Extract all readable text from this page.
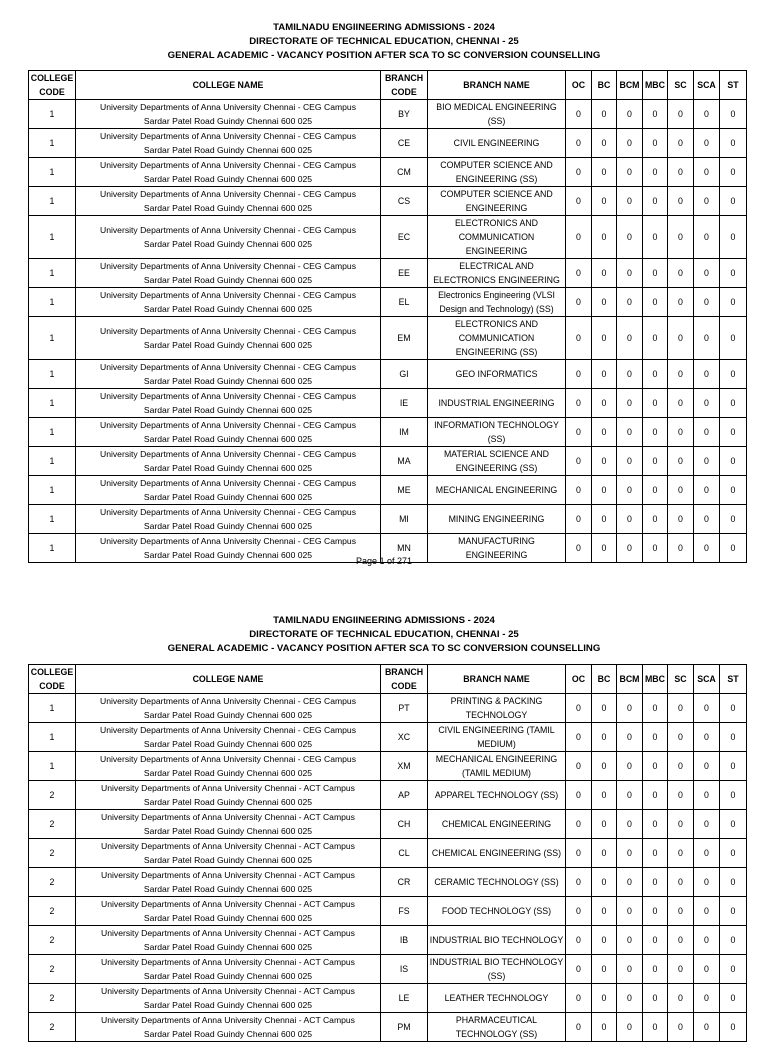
TAMILNADU ENGIINEERING ADMISSIONS - 2024
DIRECTORATE OF TECHNICAL EDUCATION, CHENNAI - 25
GENERAL ACADEMIC - VACANCY POSITION AFTER SCA TO SC CONVERSION COUNSELLING
COLLEGE CODE	COLLEGE NAME	BRANCH CODE	BRANCH NAME	OC	BC	BCM	MBC	SC	SCA	ST
1	University Departments of Anna University Chennai - CEG Campus
Sardar Patel Road Guindy Chennai 600 025	BY	BIO MEDICAL ENGINEERING (SS)	0	0	0	0	0	0	0
1	University Departments of Anna University Chennai - CEG Campus
Sardar Patel Road Guindy Chennai 600 025	CE	CIVIL ENGINEERING	0	0	0	0	0	0	0
1	University Departments of Anna University Chennai - CEG Campus
Sardar Patel Road Guindy Chennai 600 025	CM	COMPUTER SCIENCE AND ENGINEERING (SS)	0	0	0	0	0	0	0
1	University Departments of Anna University Chennai - CEG Campus
Sardar Patel Road Guindy Chennai 600 025	CS	COMPUTER SCIENCE AND ENGINEERING	0	0	0	0	0	0	0
1	University Departments of Anna University Chennai - CEG Campus
Sardar Patel Road Guindy Chennai 600 025	EC	ELECTRONICS AND COMMUNICATION ENGINEERING	0	0	0	0	0	0	0
1	University Departments of Anna University Chennai - CEG Campus
Sardar Patel Road Guindy Chennai 600 025	EE	ELECTRICAL AND ELECTRONICS ENGINEERING	0	0	0	0	0	0	0
1	University Departments of Anna University Chennai - CEG Campus
Sardar Patel Road Guindy Chennai 600 025	EL	Electronics Engineering (VLSI Design and Technology) (SS)	0	0	0	0	0	0	0
1	University Departments of Anna University Chennai - CEG Campus
Sardar Patel Road Guindy Chennai 600 025	EM	ELECTRONICS AND COMMUNICATION ENGINEERING (SS)	0	0	0	0	0	0	0
1	University Departments of Anna University Chennai - CEG Campus
Sardar Patel Road Guindy Chennai 600 025	GI	GEO INFORMATICS	0	0	0	0	0	0	0
1	University Departments of Anna University Chennai - CEG Campus
Sardar Patel Road Guindy Chennai 600 025	IE	INDUSTRIAL ENGINEERING	0	0	0	0	0	0	0
1	University Departments of Anna University Chennai - CEG Campus
Sardar Patel Road Guindy Chennai 600 025	IM	INFORMATION TECHNOLOGY (SS)	0	0	0	0	0	0	0
1	University Departments of Anna University Chennai - CEG Campus
Sardar Patel Road Guindy Chennai 600 025	MA	MATERIAL SCIENCE AND ENGINEERING (SS)	0	0	0	0	0	0	0
1	University Departments of Anna University Chennai - CEG Campus
Sardar Patel Road Guindy Chennai 600 025	ME	MECHANICAL ENGINEERING	0	0	0	0	0	0	0
1	University Departments of Anna University Chennai - CEG Campus
Sardar Patel Road Guindy Chennai 600 025	MI	MINING ENGINEERING	0	0	0	0	0	0	0
1	University Departments of Anna University Chennai - CEG Campus
Sardar Patel Road Guindy Chennai 600 025	MN	MANUFACTURING ENGINEERING	0	0	0	0	0	0	0
Page 1 of 271
TAMILNADU ENGIINEERING ADMISSIONS - 2024
DIRECTORATE OF TECHNICAL EDUCATION, CHENNAI - 25
GENERAL ACADEMIC - VACANCY POSITION AFTER SCA TO SC CONVERSION COUNSELLING
COLLEGE CODE	COLLEGE NAME	BRANCH CODE	BRANCH NAME	OC	BC	BCM	MBC	SC	SCA	ST
1	University Departments of Anna University Chennai - CEG Campus
Sardar Patel Road Guindy Chennai 600 025	PT	PRINTING & PACKING TECHNOLOGY	0	0	0	0	0	0	0
1	University Departments of Anna University Chennai - CEG Campus
Sardar Patel Road Guindy Chennai 600 025	XC	CIVIL ENGINEERING (TAMIL MEDIUM)	0	0	0	0	0	0	0
1	University Departments of Anna University Chennai - CEG Campus
Sardar Patel Road Guindy Chennai 600 025	XM	MECHANICAL ENGINEERING (TAMIL MEDIUM)	0	0	0	0	0	0	0
2	University Departments of Anna University Chennai - ACT Campus
Sardar Patel Road Guindy Chennai 600 025	AP	APPAREL TECHNOLOGY (SS)	0	0	0	0	0	0	0
2	University Departments of Anna University Chennai - ACT Campus
Sardar Patel Road Guindy Chennai 600 025	CH	CHEMICAL ENGINEERING	0	0	0	0	0	0	0
2	University Departments of Anna University Chennai - ACT Campus
Sardar Patel Road Guindy Chennai 600 025	CL	CHEMICAL ENGINEERING (SS)	0	0	0	0	0	0	0
2	University Departments of Anna University Chennai - ACT Campus
Sardar Patel Road Guindy Chennai 600 025	CR	CERAMIC TECHNOLOGY (SS)	0	0	0	0	0	0	0
2	University Departments of Anna University Chennai - ACT Campus
Sardar Patel Road Guindy Chennai 600 025	FS	FOOD TECHNOLOGY (SS)	0	0	0	0	0	0	0
2	University Departments of Anna University Chennai - ACT Campus
Sardar Patel Road Guindy Chennai 600 025	IB	INDUSTRIAL BIO TECHNOLOGY	0	0	0	0	0	0	0
2	University Departments of Anna University Chennai - ACT Campus
Sardar Patel Road Guindy Chennai 600 025	IS	INDUSTRIAL BIO TECHNOLOGY (SS)	0	0	0	0	0	0	0
2	University Departments of Anna University Chennai - ACT Campus
Sardar Patel Road Guindy Chennai 600 025	LE	LEATHER TECHNOLOGY	0	0	0	0	0	0	0
2	University Departments of Anna University Chennai - ACT Campus
Sardar Patel Road Guindy Chennai 600 025	PM	PHARMACEUTICAL TECHNOLOGY (SS)	0	0	0	0	0	0	0
